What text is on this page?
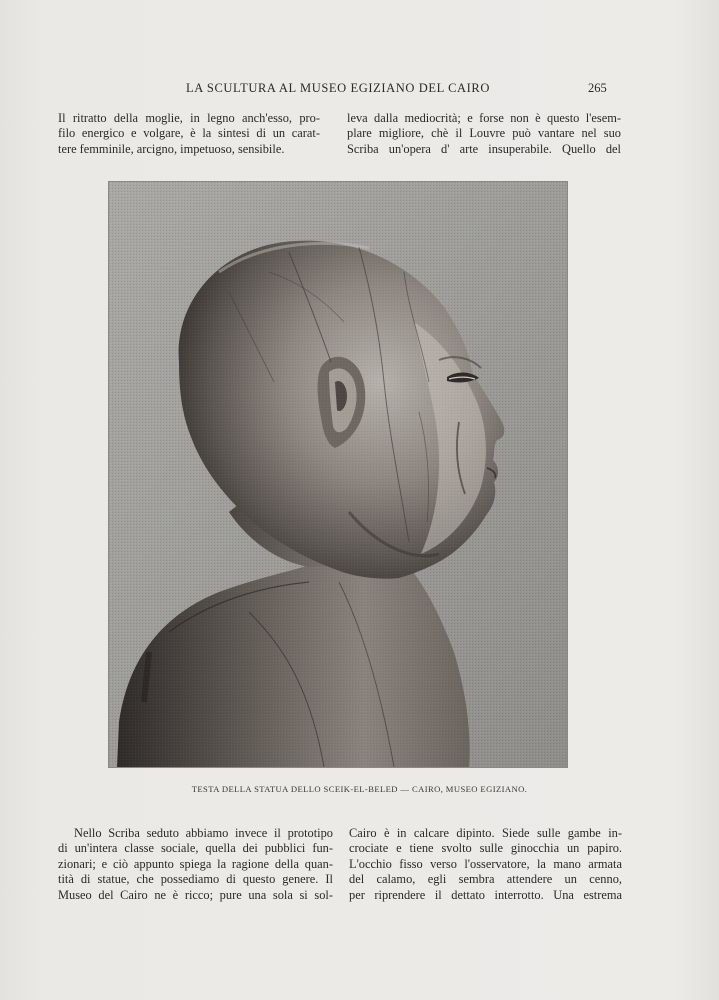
LA SCULTURA AL MUSEO EGIZIANO DEL CAIRO	265
Il ritratto della moglie, in legno anch'esso, pro-
filo energico e volgare, è la sintesi di un carat-
tere femminile, arcigno, impetuoso, sensibile.
leva dalla mediocrità; e forse non è questo l'esem-
plare migliore, chè il Louvre può vantare nel suo
Scriba un'opera d' arte insuperabile. Quello del
TESTA DELLA STATUA DELLO SCEIK-EL-BELED — CAIRO, MUSEO EGIZIANO.
Nello Scriba seduto abbiamo invece il prototipo
di un'intera classe sociale, quella dei pubblici fun-
zionari; e ciò appunto spiega la ragione della quan-
tità di statue, che possediamo di questo genere. Il
Museo del Cairo ne è ricco; pure una sola si sol-
Cairo è in calcare dipinto. Siede sulle gambe in-
crociate e tiene svolto sulle ginocchia un papiro.
L'occhio fisso verso l'osservatore, la mano armata
del calamo, egli sembra attendere un cenno,
per riprendere il dettato interrotto. Una estrema
